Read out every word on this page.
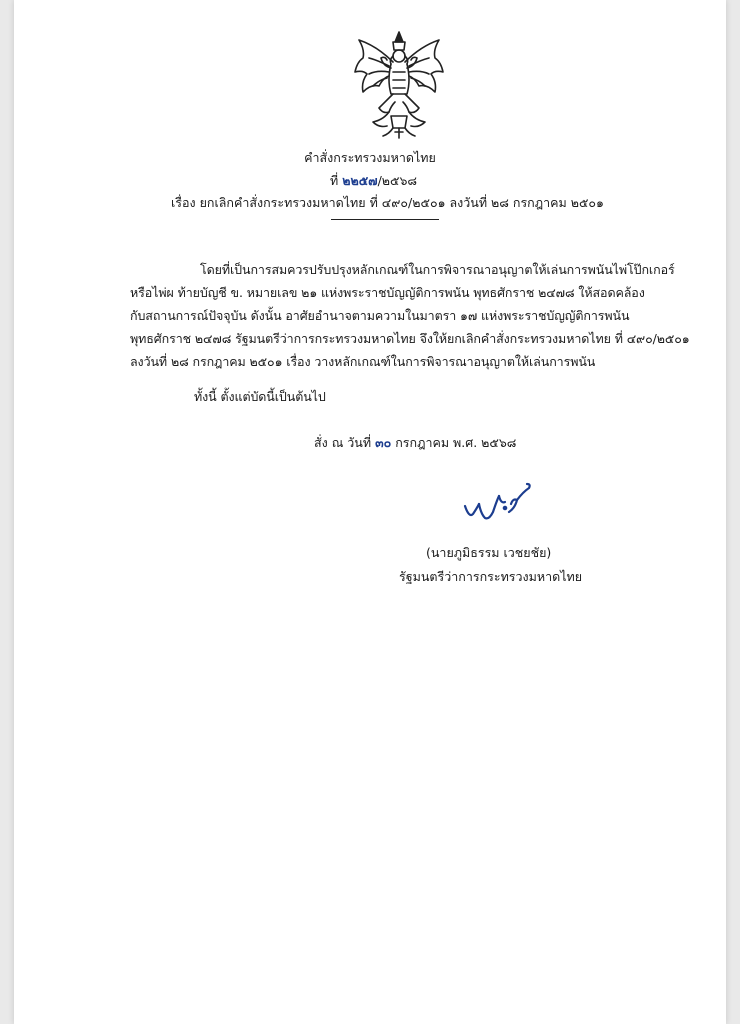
คำสั่งกระทรวงมหาดไทย
ที่ ๒๒๕๗/๒๕๖๘
เรื่อง ยกเลิกคำสั่งกระทรวงมหาดไทย ที่ ๔๙๐/๒๕๐๑ ลงวันที่ ๒๘ กรกฎาคม ๒๕๐๑
โดยที่เป็นการสมควรปรับปรุงหลักเกณฑ์ในการพิจารณาอนุญาตให้เล่นการพนันไพ่โป๊กเกอร์
หรือไพ่ผ ท้ายบัญชี ข. หมายเลข ๒๑ แห่งพระราชบัญญัติการพนัน พุทธศักราช ๒๔๗๘ ให้สอดคล้อง
กับสถานการณ์ปัจจุบัน ดังนั้น อาศัยอำนาจตามความในมาตรา ๑๗ แห่งพระราชบัญญัติการพนัน
พุทธศักราช ๒๔๗๘ รัฐมนตรีว่าการกระทรวงมหาดไทย จึงให้ยกเลิกคำสั่งกระทรวงมหาดไทย ที่ ๔๙๐/๒๕๐๑
ลงวันที่ ๒๘ กรกฎาคม ๒๕๐๑ เรื่อง วางหลักเกณฑ์ในการพิจารณาอนุญาตให้เล่นการพนัน
ทั้งนี้ ตั้งแต่บัดนี้เป็นต้นไป
สั่ง ณ วันที่ ๓๐ กรกฎาคม พ.ศ. ๒๕๖๘
(นายภูมิธรรม เวชยชัย)
รัฐมนตรีว่าการกระทรวงมหาดไทย
